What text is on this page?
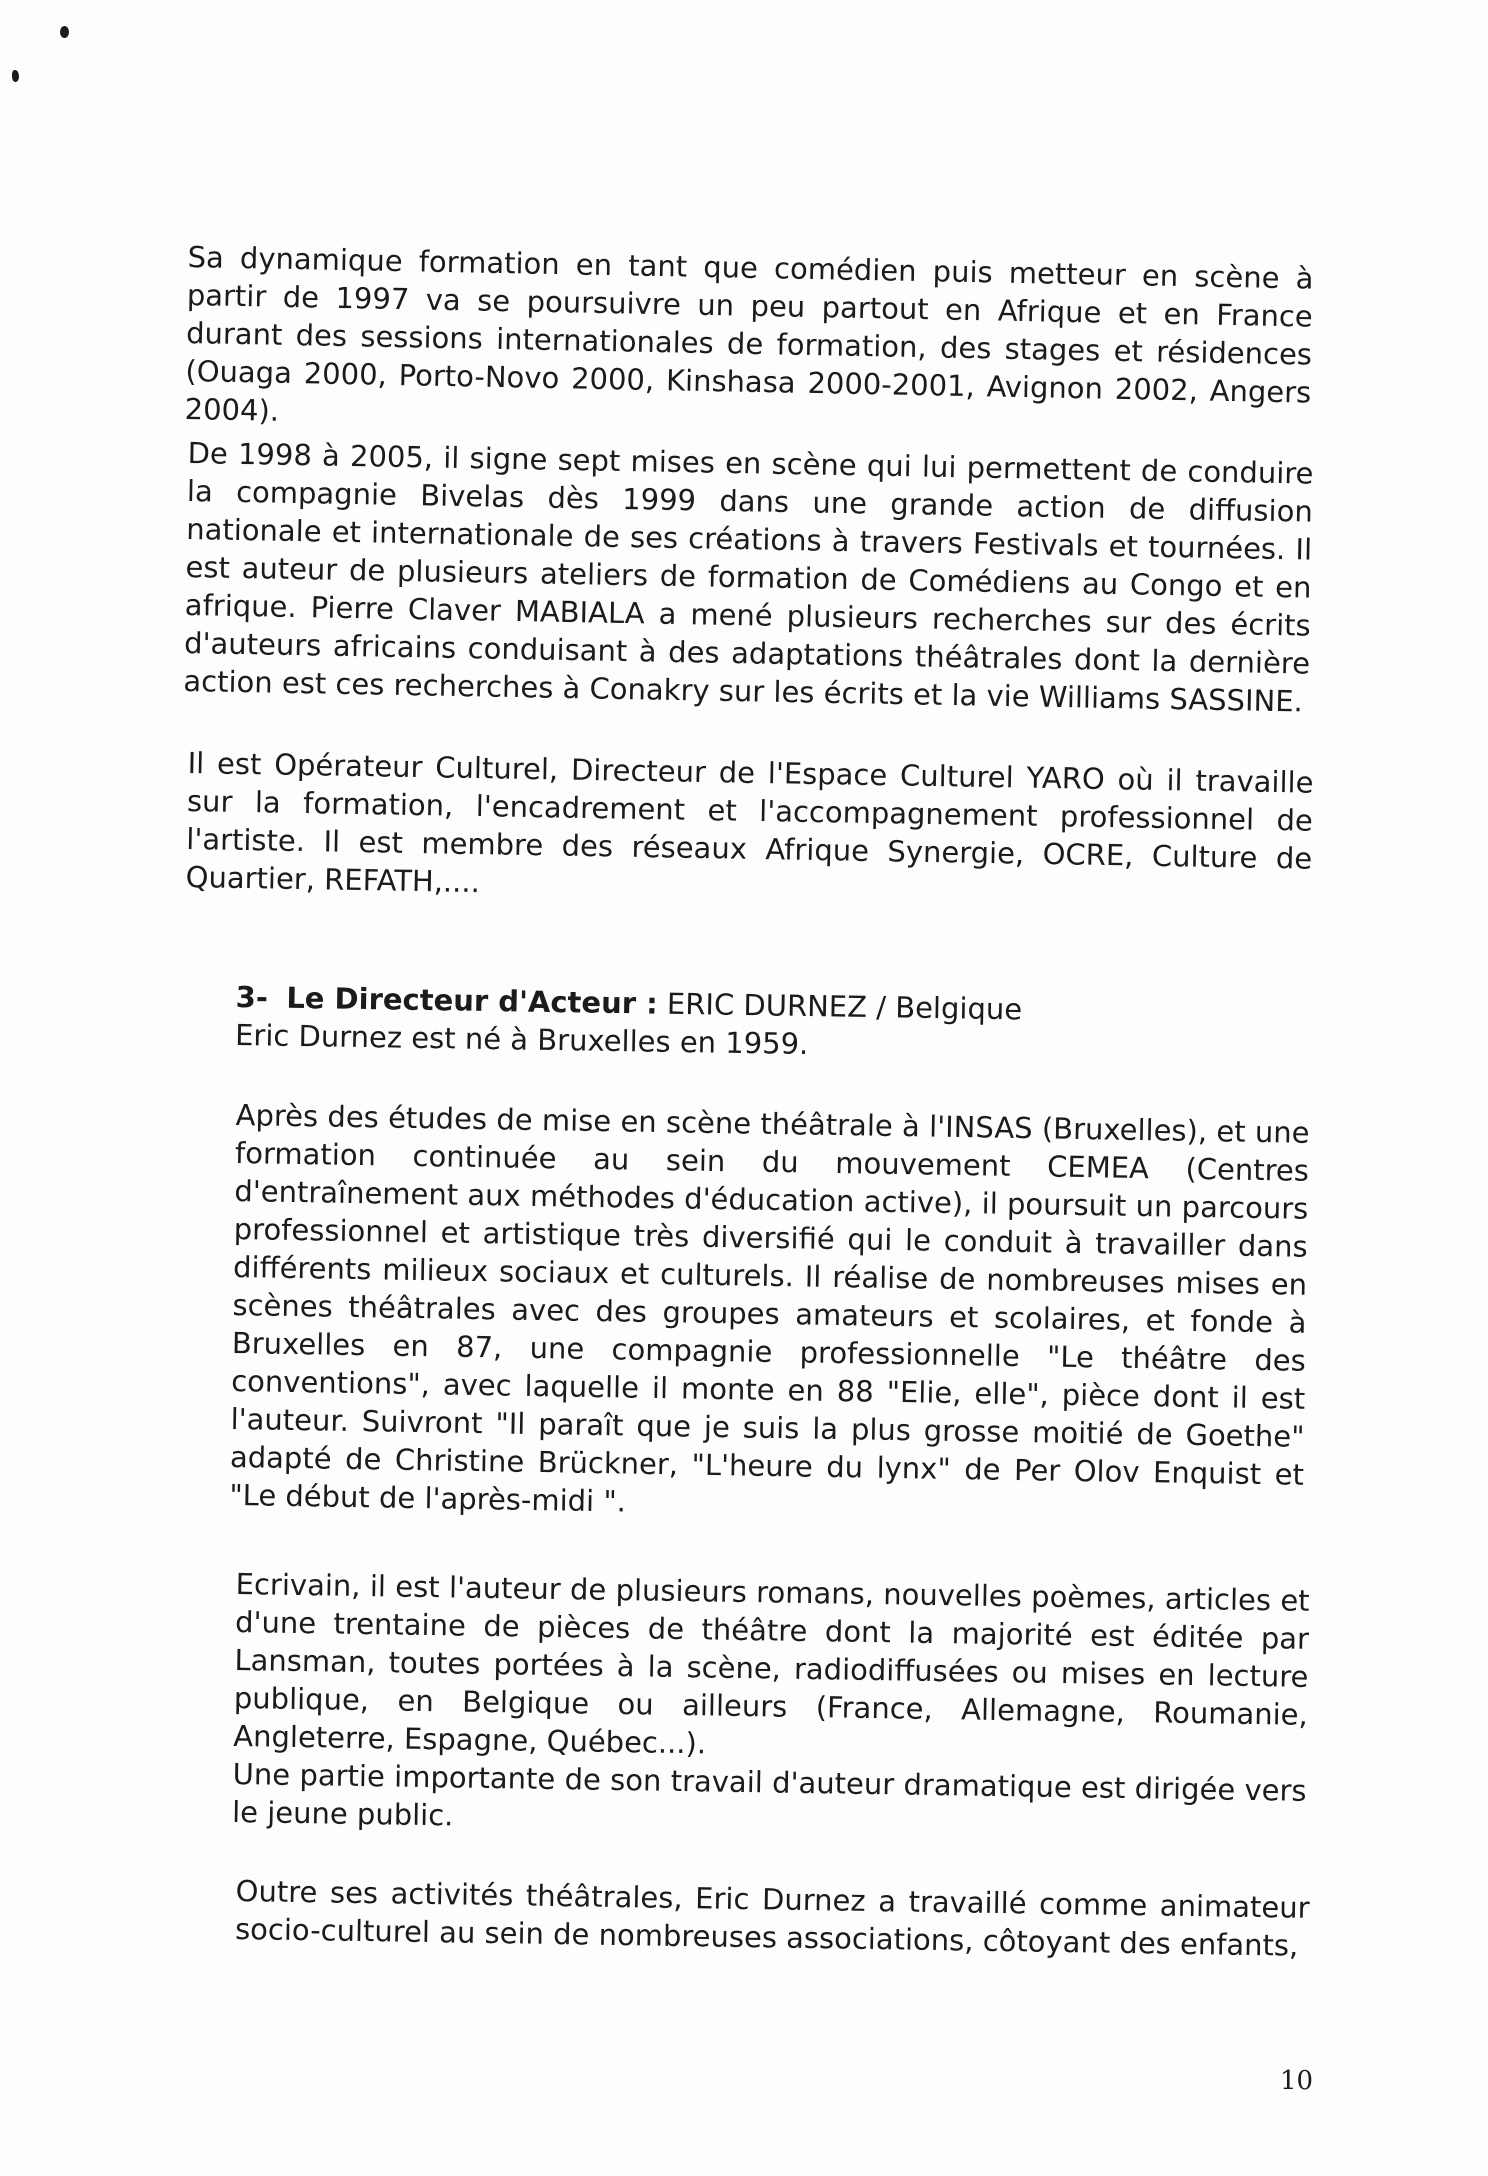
Sa dynamique formation en tant que comédien puis metteur en scène à partir de 1997 va se poursuivre un peu partout en Afrique et en France durant des sessions internationales de formation, des stages et résidences (Ouaga 2000, Porto-Novo 2000, Kinshasa 2000-2001, Avignon 2002, Angers 2004).

De 1998 à 2005, il signe sept mises en scène qui lui permettent de conduire la compagnie Bivelas dès 1999 dans une grande action de diffusion nationale et internationale de ses créations à travers Festivals et tournées. Il est auteur de plusieurs ateliers de formation de Comédiens au Congo et en afrique. Pierre Claver MABIALA a mené plusieurs recherches sur des écrits d'auteurs africains conduisant à des adaptations théâtrales dont la dernière action est ces recherches à Conakry sur les écrits et la vie Williams SASSINE.

Il est Opérateur Culturel, Directeur de l'Espace Culturel YARO où il travaille sur la formation, l'encadrement et l'accompagnement professionnel de l'artiste. Il est membre des réseaux Afrique Synergie, OCRE, Culture de Quartier, REFATH,....

3- Le Directeur d'Acteur : ERIC DURNEZ / Belgique
Eric Durnez est né à Bruxelles en 1959.

Après des études de mise en scène théâtrale à l'INSAS (Bruxelles), et une formation continuée au sein du mouvement CEMEA (Centres d'entraînement aux méthodes d'éducation active), il poursuit un parcours professionnel et artistique très diversifié qui le conduit à travailler dans différents milieux sociaux et culturels. Il réalise de nombreuses mises en scènes théâtrales avec des groupes amateurs et scolaires, et fonde à Bruxelles en 87, une compagnie professionnelle "Le théâtre des conventions", avec laquelle il monte en 88 "Elie, elle", pièce dont il est l'auteur. Suivront "Il paraît que je suis la plus grosse moitié de Goethe" adapté de Christine Brückner, "L'heure du lynx" de Per Olov Enquist et "Le début de l'après-midi ".

Ecrivain, il est l'auteur de plusieurs romans, nouvelles poèmes, articles et d'une trentaine de pièces de théâtre dont la majorité est éditée par Lansman, toutes portées à la scène, radiodiffusées ou mises en lecture publique, en Belgique ou ailleurs (France, Allemagne, Roumanie, Angleterre, Espagne, Québec...).
Une partie importante de son travail d'auteur dramatique est dirigée vers le jeune public.

Outre ses activités théâtrales, Eric Durnez a travaillé comme animateur socio-culturel au sein de nombreuses associations, côtoyant des enfants,

10
